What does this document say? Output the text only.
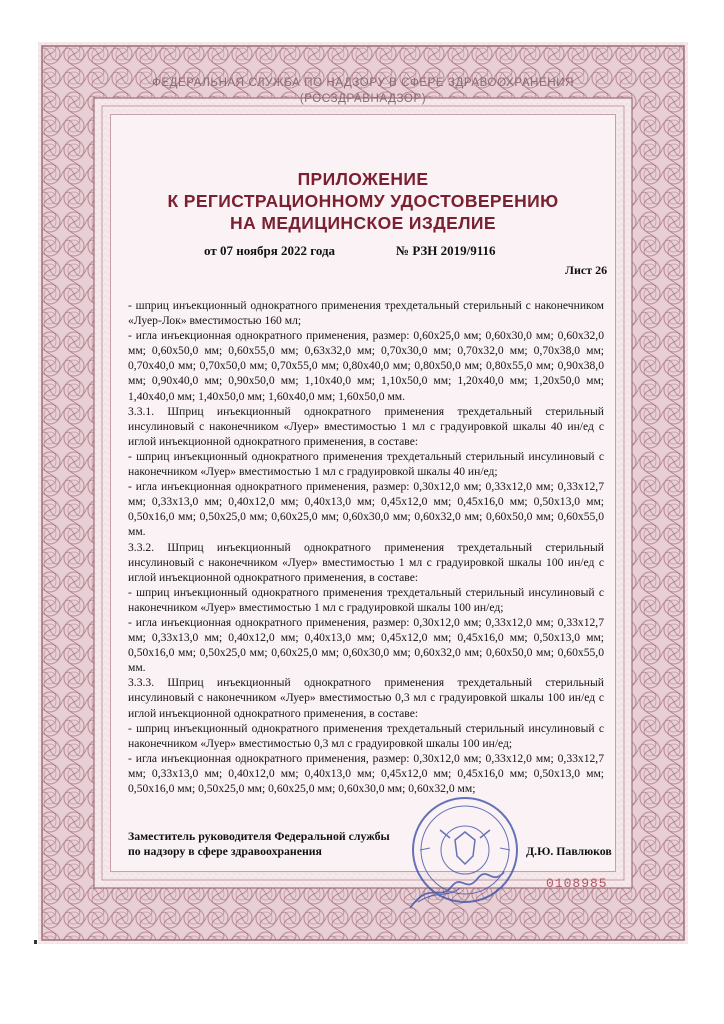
ФЕДЕРАЛЬНАЯ СЛУЖБА ПО НАДЗОРУ В СФЕРЕ ЗДРАВООХРАНЕНИЯ
(РОСЗДРАВНАДЗОР)
ПРИЛОЖЕНИЕ
К РЕГИСТРАЦИОННОМУ УДОСТОВЕРЕНИЮ
НА МЕДИЦИНСКОЕ ИЗДЕЛИЕ
от 07 ноября 2022 года	№ РЗН 2019/9116
Лист 26

- шприц инъекционный однократного применения трехдетальный стерильный с наконечником «Луер-Лок» вместимостью 160 мл;

- игла инъекционная однократного применения, размер: 0,60x25,0 мм; 0,60x30,0 мм; 0,60x32,0 мм; 0,60x50,0 мм; 0,60x55,0 мм; 0,63x32,0 мм; 0,70x30,0 мм; 0,70x32,0 мм; 0,70x38,0 мм; 0,70x40,0 мм; 0,70x50,0 мм; 0,70x55,0 мм; 0,80x40,0 мм; 0,80x50,0 мм; 0,80x55,0 мм; 0,90x38,0 мм; 0,90x40,0 мм; 0,90x50,0 мм; 1,10x40,0 мм; 1,10x50,0 мм; 1,20x40,0 мм; 1,20x50,0 мм; 1,40x40,0 мм; 1,40x50,0 мм; 1,60x40,0 мм; 1,60x50,0 мм.

3.3.1. Шприц инъекционный однократного применения трехдетальный стерильный инсулиновый с наконечником «Луер» вместимостью 1 мл с градуировкой шкалы 40 ин/ед с иглой инъекционной однократного применения, в составе:

- шприц инъекционный однократного применения трехдетальный стерильный инсулиновый с наконечником «Луер» вместимостью 1 мл с градуировкой шкалы 40 ин/ед;

- игла инъекционная однократного применения, размер: 0,30x12,0 мм; 0,33x12,0 мм; 0,33x12,7 мм; 0,33x13,0 мм; 0,40x12,0 мм; 0,40x13,0 мм; 0,45x12,0 мм; 0,45x16,0 мм; 0,50x13,0 мм; 0,50x16,0 мм; 0,50x25,0 мм; 0,60x25,0 мм; 0,60x30,0 мм; 0,60x32,0 мм; 0,60x50,0 мм; 0,60x55,0 мм.

3.3.2. Шприц инъекционный однократного применения трехдетальный стерильный инсулиновый с наконечником «Луер» вместимостью 1 мл с градуировкой шкалы 100 ин/ед с иглой инъекционной однократного применения, в составе:

- шприц инъекционный однократного применения трехдетальный стерильный инсулиновый с наконечником «Луер» вместимостью 1 мл с градуировкой шкалы 100 ин/ед;

- игла инъекционная однократного применения, размер: 0,30x12,0 мм; 0,33x12,0 мм; 0,33x12,7 мм; 0,33x13,0 мм; 0,40x12,0 мм; 0,40x13,0 мм; 0,45x12,0 мм; 0,45x16,0 мм; 0,50x13,0 мм; 0,50x16,0 мм; 0,50x25,0 мм; 0,60x25,0 мм; 0,60x30,0 мм; 0,60x32,0 мм; 0,60x50,0 мм; 0,60x55,0 мм.

3.3.3. Шприц инъекционный однократного применения трехдетальный стерильный инсулиновый с наконечником «Луер» вместимостью 0,3 мл с градуировкой шкалы 100 ин/ед с иглой инъекционной однократного применения, в составе:

- шприц инъекционный однократного применения трехдетальный стерильный инсулиновый с наконечником «Луер» вместимостью 0,3 мл с градуировкой шкалы 100 ин/ед;

- игла инъекционная однократного применения, размер: 0,30x12,0 мм; 0,33x12,0 мм; 0,33x12,7 мм; 0,33x13,0 мм; 0,40x12,0 мм; 0,40x13,0 мм; 0,45x12,0 мм; 0,45x16,0 мм; 0,50x13,0 мм; 0,50x16,0 мм; 0,50x25,0 мм; 0,60x25,0 мм; 0,60x30,0 мм; 0,60x32,0 мм;

Заместитель руководителя Федеральной службы
по надзору в сфере здравоохранения	Д.Ю. Павлюков
0108985
